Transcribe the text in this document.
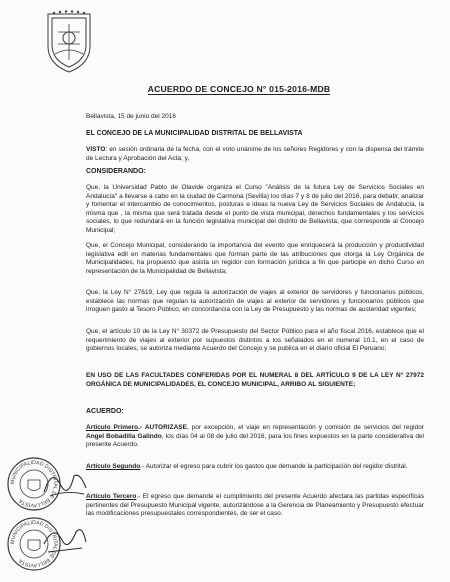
ACUERDO DE CONCEJO N° 015-2016-MDB
Bellavista, 15 de junio del 2016
EL CONCEJO DE LA MUNICIPALIDAD DISTRITAL DE BELLAVISTA
VISTO: en sesión ordinaria de la fecha, con el voto unánime de los señores Regidores y con la dispensa del trámite de Lectura y Aprobación del Acta; y,
CONSIDERANDO:
Que, la Universidad Pablo de Olavide organiza el Curso "Análisis de la futura Ley de Servicios Sociales en Andalucía" a llevarse a cabo en la ciudad de Carmona (Sevilla) los días 7 y 8 de julio del 2016, para debatir, analizar y fomentar el intercambio de conocimientos, posturas e ideas la nueva Ley de Servicios Sociales de Andalucía, la misma que , la misma que será tratada desde el punto de vista municipal, derechos fundamentales y los servicios sociales, lo que redundará en la función legislativa municipal del distrito de Bellavista, que corresponde al Concejo Municipal;
Que, el Concejo Municipal, considerando la importancia del evento que enriquecerá la producción y productividad legislativa edil en materias fundamentales que forman parte de las atribuciones que otorga la Ley Orgánica de Municipalidades, ha propuesto que asista un regidor con formación jurídica a fin que participe en dicho Curso en representación de la Municipalidad de Bellavista;
Que, la Ley N° 27619, Ley que regula la autorización de viajes al exterior de servidores y funcionarios públicos, establece las normas que regulan la autorización de viajes al exterior de servidores y funcionarios públicos que irroguen gasto al Tesoro Público, en concordancia con la Ley de Presupuesto y las normas de austeridad vigentes;
Que, el artículo 10 de la Ley N° 30372 de Presupuesto del Sector Público para el año fiscal 2016, establece que el requerimiento de viajes al exterior por supuestos distintos a los señalados en el numeral 10.1, en el caso de gobiernos locales, se autoriza mediante Acuerdo del Concejo y se publica en el diario oficial El Peruano;
EN USO DE LAS FACULTADES CONFERIDAS POR EL NUMERAL 8 DEL ARTÍCULO 9 DE LA LEY N° 27972 ORGÁNICA DE MUNICIPALIDADES, EL CONCEJO MUNICIPAL, ARRIBO AL SIGUIENTE;
ACUERDO:
Artículo Primero.- AUTORIZASE, por excepción, el viaje en representación y comisión de servicios del regidor Angel Bobadilla Galindo, los días 04 al 08 de julio del 2016, para los fines expuestos en la parte considerativa del presente Acuerdo.
Artículo Segundo.- Autorizar el egreso para cubrir los gastos que demande la participación del regidor distrital.
Artículo Tercero.- El egreso que demande el cumplimiento del presente Acuerdo afectara las partidas específicas pertinentes del Presupuesto Municipal vigente, autorizándose a la Gerencia de Planeamiento y Presupuesto efectuar las modificaciones presupuestales correspondientes, de ser el caso.
MUNICIPALIDAD DISTRITAL DE BELLAVISTA
MUNICIPALIDAD DISTRITAL DE BELLAVISTA
